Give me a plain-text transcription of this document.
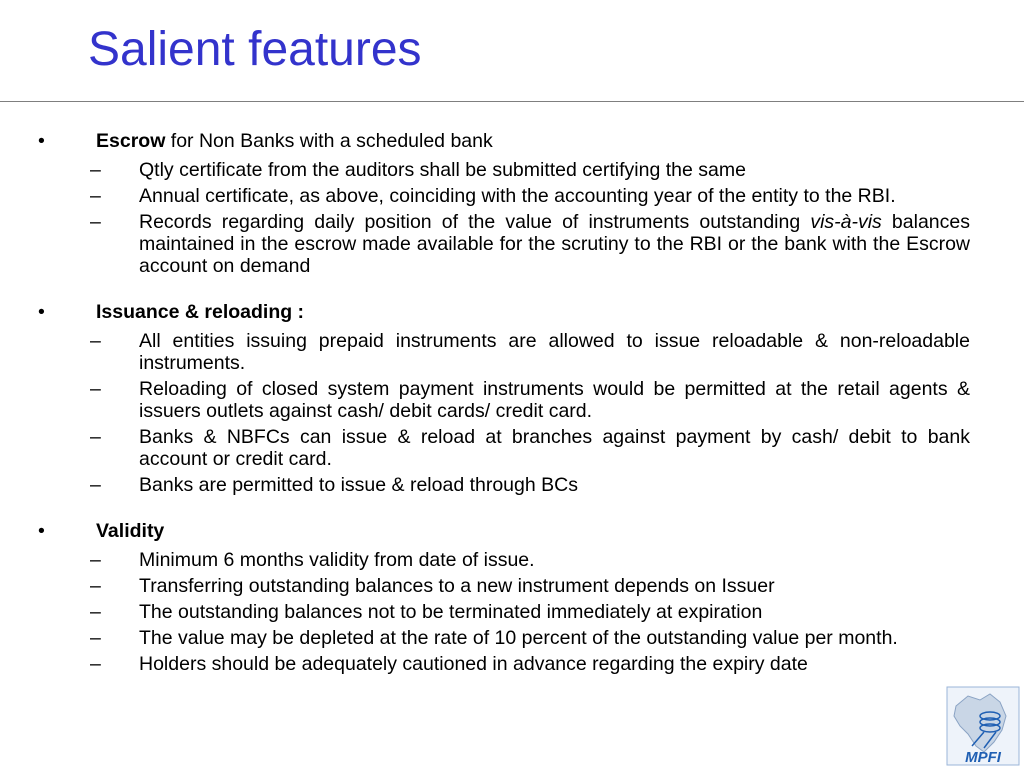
Salient features
•	Escrow for Non Banks with a scheduled bank
– Qtly certificate from the auditors shall be submitted certifying the same
– Annual certificate, as above, coinciding with the accounting year of the entity to the RBI.
– Records regarding daily position of the value of instruments outstanding vis-à-vis balances maintained in the escrow made available for the scrutiny to the RBI or the bank with the Escrow account on demand
•	Issuance & reloading :
– All entities issuing prepaid instruments are allowed to issue reloadable & non-reloadable instruments.
– Reloading of closed system payment instruments would be permitted at the retail agents & issuers outlets against cash/ debit cards/ credit card.
– Banks & NBFCs can issue & reload at branches against payment by cash/ debit to bank account or credit card.
– Banks are permitted to issue & reload through BCs
•	Validity
– Minimum 6 months validity from date of issue.
– Transferring outstanding balances to a new instrument depends on Issuer
– The outstanding balances not to be terminated immediately at expiration
– The value may be depleted at the rate of 10 percent of the outstanding value per month.
– Holders should be adequately cautioned in advance regarding the expiry date
MPFI
